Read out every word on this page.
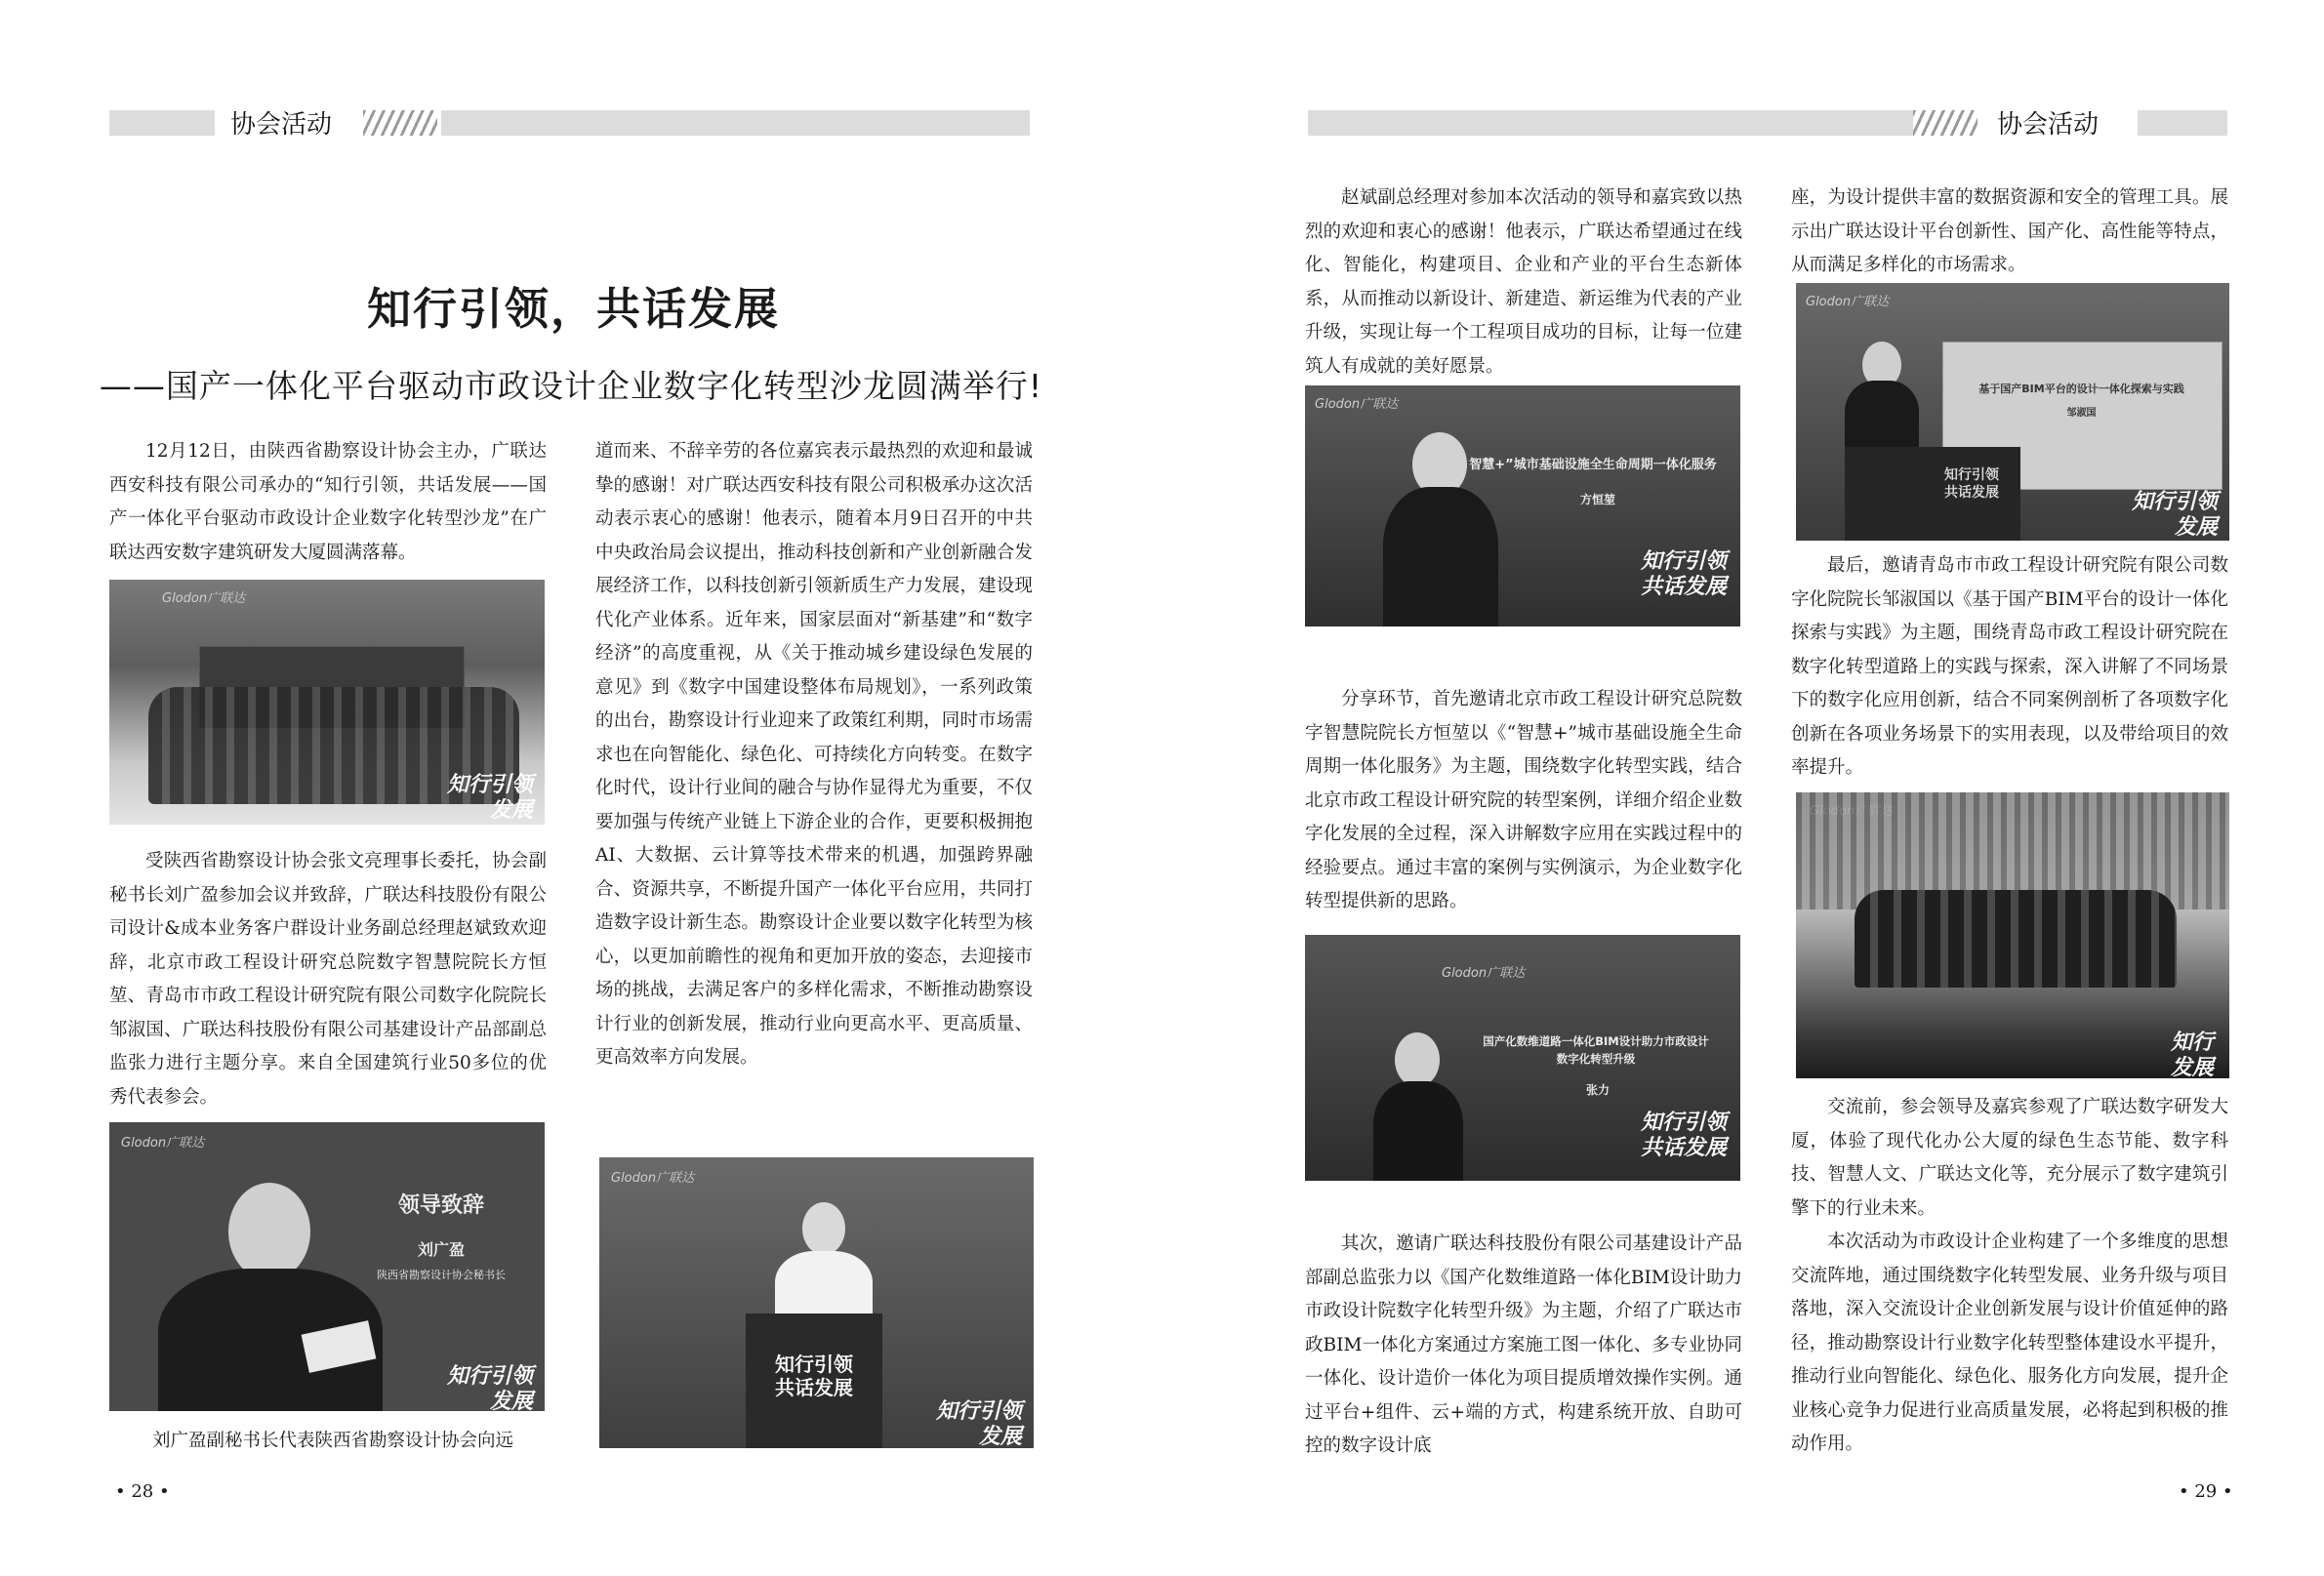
协会活动
知行引领，共话发展
——国产一体化平台驱动市政设计企业数字化转型沙龙圆满举行!

12月12日，由陕西省勘察设计协会主办，广联达西安科技有限公司承办的“知行引领，共话发展——国产一体化平台驱动市政设计企业数字化转型沙龙”在广联达西安数字建筑研发大厦圆满落幕。

Glodon广联达
知行引领
发展

受陕西省勘察设计协会张文亮理事长委托，协会副秘书长刘广盈参加会议并致辞，广联达科技股份有限公司设计&成本业务客户群设计业务副总经理赵斌致欢迎辞，北京市政工程设计研究总院数字智慧院院长方恒堃、青岛市市政工程设计研究院有限公司数字化院院长邹淑国、广联达科技股份有限公司基建设计产品部副总监张力进行主题分享。来自全国建筑行业50多位的优秀代表参会。

Glodon广联达
领导致辞
刘广盈
陕西省勘察设计协会秘书长
知行引领
发展
刘广盈副秘书长代表陕西省勘察设计协会向远

道而来、不辞辛劳的各位嘉宾表示最热烈的欢迎和最诚挚的感谢！对广联达西安科技有限公司积极承办这次活动表示衷心的感谢！他表示，随着本月9日召开的中共中央政治局会议提出，推动科技创新和产业创新融合发展经济工作，以科技创新引领新质生产力发展，建设现代化产业体系。近年来，国家层面对“新基建”和“数字经济”的高度重视，从《关于推动城乡建设绿色发展的意见》到《数字中国建设整体布局规划》，一系列政策的出台，勘察设计行业迎来了政策红利期，同时市场需求也在向智能化、绿色化、可持续化方向转变。在数字化时代，设计行业间的融合与协作显得尤为重要，不仅要加强与传统产业链上下游企业的合作，更要积极拥抱AI、大数据、云计算等技术带来的机遇，加强跨界融合、资源共享，不断提升国产一体化平台应用，共同打造数字设计新生态。勘察设计企业要以数字化转型为核心，以更加前瞻性的视角和更加开放的姿态，去迎接市场的挑战，去满足客户的多样化需求，不断推动勘察设计行业的创新发展，推动行业向更高水平、更高质量、更高效率方向发展。

Glodon广联达
知行引领
共话发展
知行引领
发展
• 28 •
协会活动

赵斌副总经理对参加本次活动的领导和嘉宾致以热烈的欢迎和衷心的感谢！他表示，广联达希望通过在线化、智能化，构建项目、企业和产业的平台生态新体系，从而推动以新设计、新建造、新运维为代表的产业升级，实现让每一个工程项目成功的目标，让每一位建筑人有成就的美好愿景。

Glodon广联达
智慧+”城市基础设施全生命周期一体化服务
方恒堃
知行引领
共话发展

分享环节，首先邀请北京市政工程设计研究总院数字智慧院院长方恒堃以《“智慧+”城市基础设施全生命周期一体化服务》为主题，围绕数字化转型实践，结合北京市政工程设计研究院的转型案例，详细介绍企业数字化发展的全过程，深入讲解数字应用在实践过程中的经验要点。通过丰富的案例与实例演示，为企业数字化转型提供新的思路。

Glodon广联达
国产化数维道路一体化BIM设计助力市政设计
数字化转型升级
张力
知行引领
共话发展

其次，邀请广联达科技股份有限公司基建设计产品部副总监张力以《国产化数维道路一体化BIM设计助力市政设计院数字化转型升级》为主题，介绍了广联达市政BIM一体化方案通过方案施工图一体化、多专业协同一体化、设计造价一体化为项目提质增效操作实例。通过平台+组件、云+端的方式，构建系统开放、自助可控的数字设计底

座，为设计提供丰富的数据资源和安全的管理工具。展示出广联达设计平台创新性、国产化、高性能等特点，从而满足多样化的市场需求。

Glodon广联达
基于国产BIM平台的设计一体化探索与实践
邹淑国
知行引领
共话发展	知行引领
发展

最后，邀请青岛市市政工程设计研究院有限公司数字化院院长邹淑国以《基于国产BIM平台的设计一体化探索与实践》为主题，围绕青岛市政工程设计研究院在数字化转型道路上的实践与探索，深入讲解了不同场景下的数字化应用创新，结合不同案例剖析了各项数字化创新在各项业务场景下的实用表现，以及带给项目的效率提升。

知行
发展

交流前，参会领导及嘉宾参观了广联达数字研发大厦，体验了现代化办公大厦的绿色生态节能、数字科技、智慧人文、广联达文化等，充分展示了数字建筑引擎下的行业未来。

本次活动为市政设计企业构建了一个多维度的思想交流阵地，通过围绕数字化转型发展、业务升级与项目落地，深入交流设计企业创新发展与设计价值延伸的路径，推动勘察设计行业数字化转型整体建设水平提升，推动行业向智能化、绿色化、服务化方向发展，提升企业核心竞争力促进行业高质量发展，必将起到积极的推动作用。

• 29 •
